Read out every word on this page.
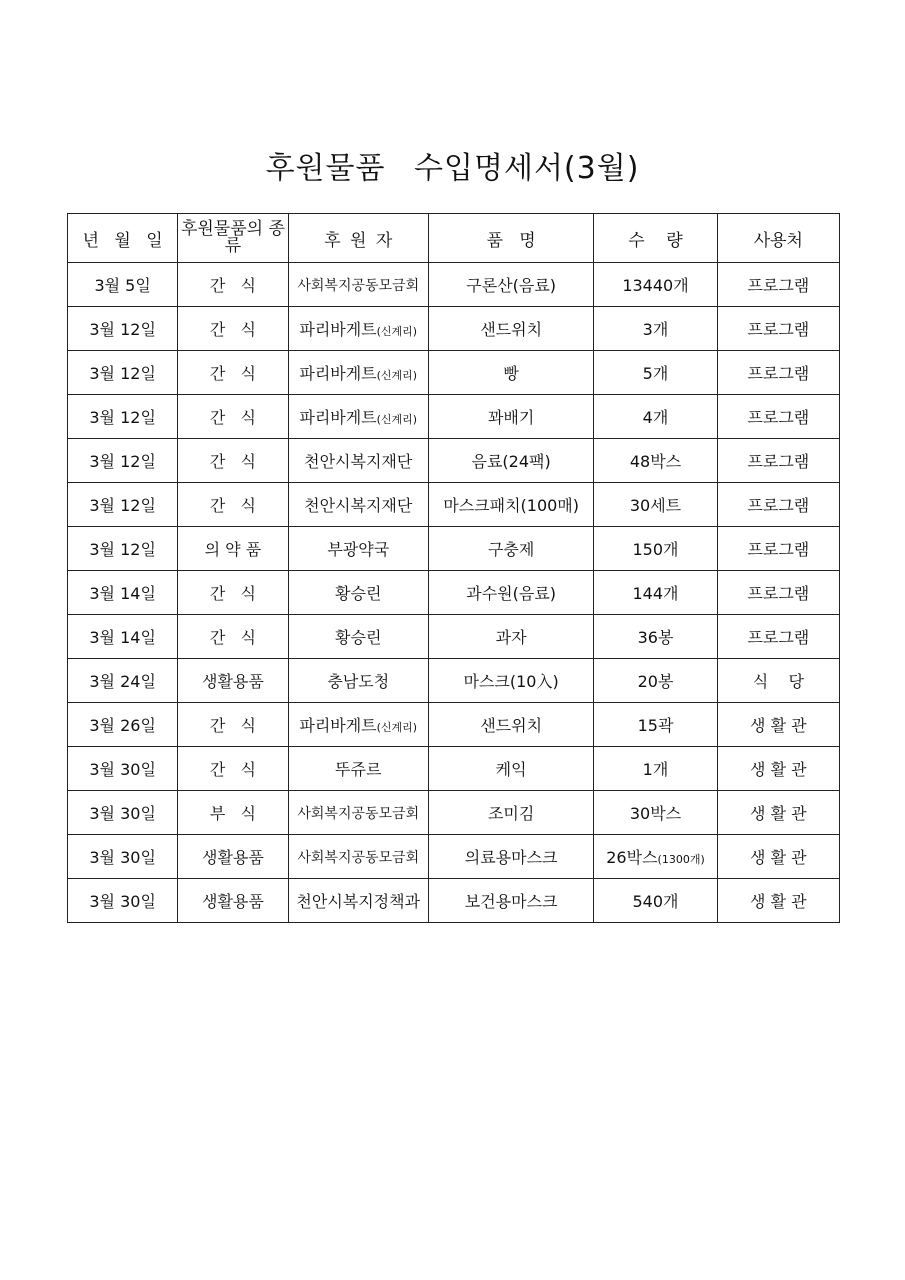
후원물품 수입명세서(3월)
년 월 일	후원물품의 종류	후 원 자	품   명	수    량	사용처
3월 5일	간   식	사회복지공동모금회	구론산(음료)	13440개	프로그램
3월 12일	간   식	파리바게트(신계리)	샌드위치	3개	프로그램
3월 12일	간   식	파리바게트(신계리)	빵	5개	프로그램
3월 12일	간   식	파리바게트(신계리)	꽈배기	4개	프로그램
3월 12일	간   식	천안시복지재단	음료(24팩)	48박스	프로그램
3월 12일	간   식	천안시복지재단	마스크패치(100매)	30세트	프로그램
3월 12일	의 약 품	부광약국	구충제	150개	프로그램
3월 14일	간   식	황승린	과수원(음료)	144개	프로그램
3월 14일	간   식	황승린	과자	36봉	프로그램
3월 24일	생활용품	충남도청	마스크(10入)	20봉	식    당
3월 26일	간   식	파리바게트(신계리)	샌드위치	15곽	생 활 관
3월 30일	간   식	뚜쥬르	케익	1개	생 활 관
3월 30일	부   식	사회복지공동모금회	조미김	30박스	생 활 관
3월 30일	생활용품	사회복지공동모금회	의료용마스크	26박스(1300개)	생 활 관
3월 30일	생활용품	천안시복지정책과	보건용마스크	540개	생 활 관
